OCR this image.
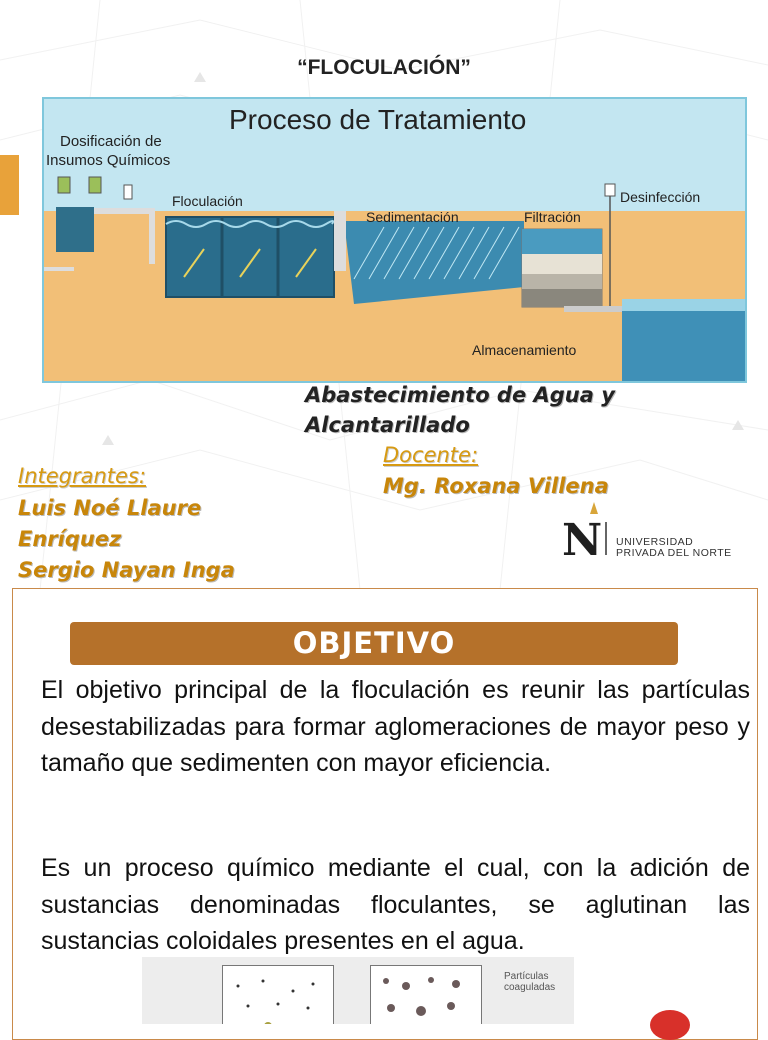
“FLOCULACIÓN”
Proceso de Tratamiento
Dosificación de
Insumos Químicos
Floculación
Sedimentación	Filtración
Desinfección
Almacenamiento
Abastecimiento de Agua y
Alcantarillado
Docente:
Mg. Roxana Villena
Integrantes:
Luis Noé Llaure
Enríquez
Sergio Nayan Inga
N UNIVERSIDAD
PRIVADA DEL NORTE
OBJETIVO
El objetivo principal de la floculación es reunir las partículas desestabilizadas para formar aglomeraciones de mayor peso y tamaño que sedimenten con mayor eficiencia.
Es un proceso químico mediante el cual, con la adición de sustancias denominadas floculantes, se aglutinan las sustancias coloidales presentes en el agua.
Partículas
coaguladas
